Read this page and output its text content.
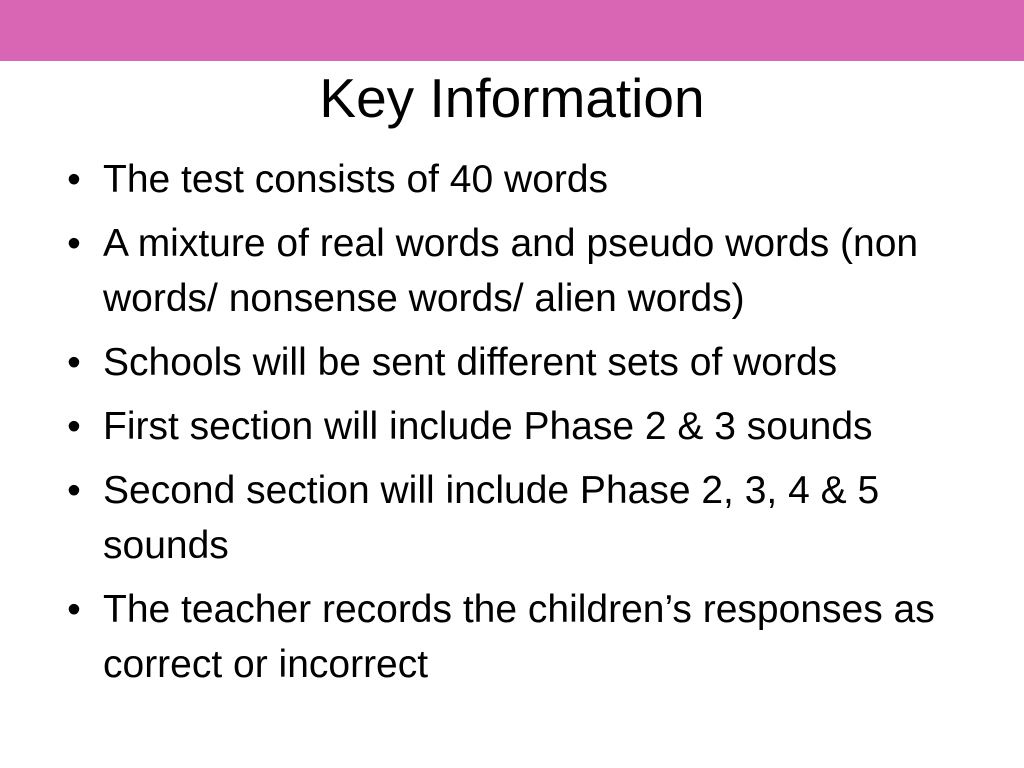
Key Information
• The test consists of 40 words
• A mixture of real words and pseudo words (non words/ nonsense words/ alien words)
• Schools will be sent different sets of words
• First section will include Phase 2 & 3 sounds
• Second section will include Phase 2, 3, 4 & 5 sounds
• The teacher records the children’s responses as correct or incorrect
